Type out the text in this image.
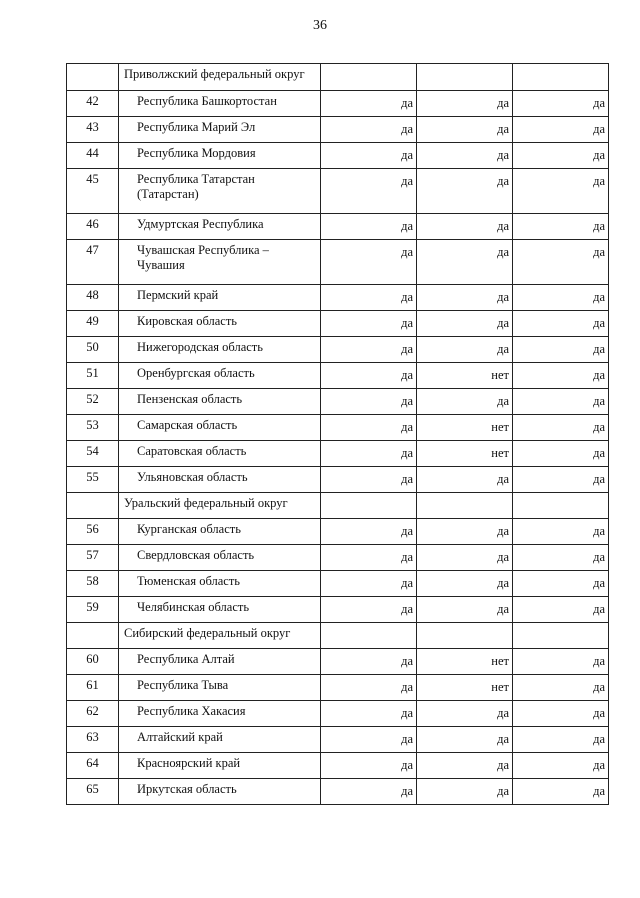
36
	Приволжский федеральный округ			
42	Республика Башкортостан	да	да	да
43	Республика Марий Эл	да	да	да
44	Республика Мордовия	да	да	да
45	Республика Татарстан (Татарстан)	да	да	да
46	Удмуртская Республика	да	да	да
47	Чувашская Республика – Чувашия	да	да	да
48	Пермский край	да	да	да
49	Кировская область	да	да	да
50	Нижегородская область	да	да	да
51	Оренбургская область	да	нет	да
52	Пензенская область	да	да	да
53	Самарская область	да	нет	да
54	Саратовская область	да	нет	да
55	Ульяновская область	да	да	да
	Уральский федеральный округ			
56	Курганская область	да	да	да
57	Свердловская область	да	да	да
58	Тюменская область	да	да	да
59	Челябинская область	да	да	да
	Сибирский федеральный округ			
60	Республика Алтай	да	нет	да
61	Республика Тыва	да	нет	да
62	Республика Хакасия	да	да	да
63	Алтайский край	да	да	да
64	Красноярский край	да	да	да
65	Иркутская область	да	да	да
